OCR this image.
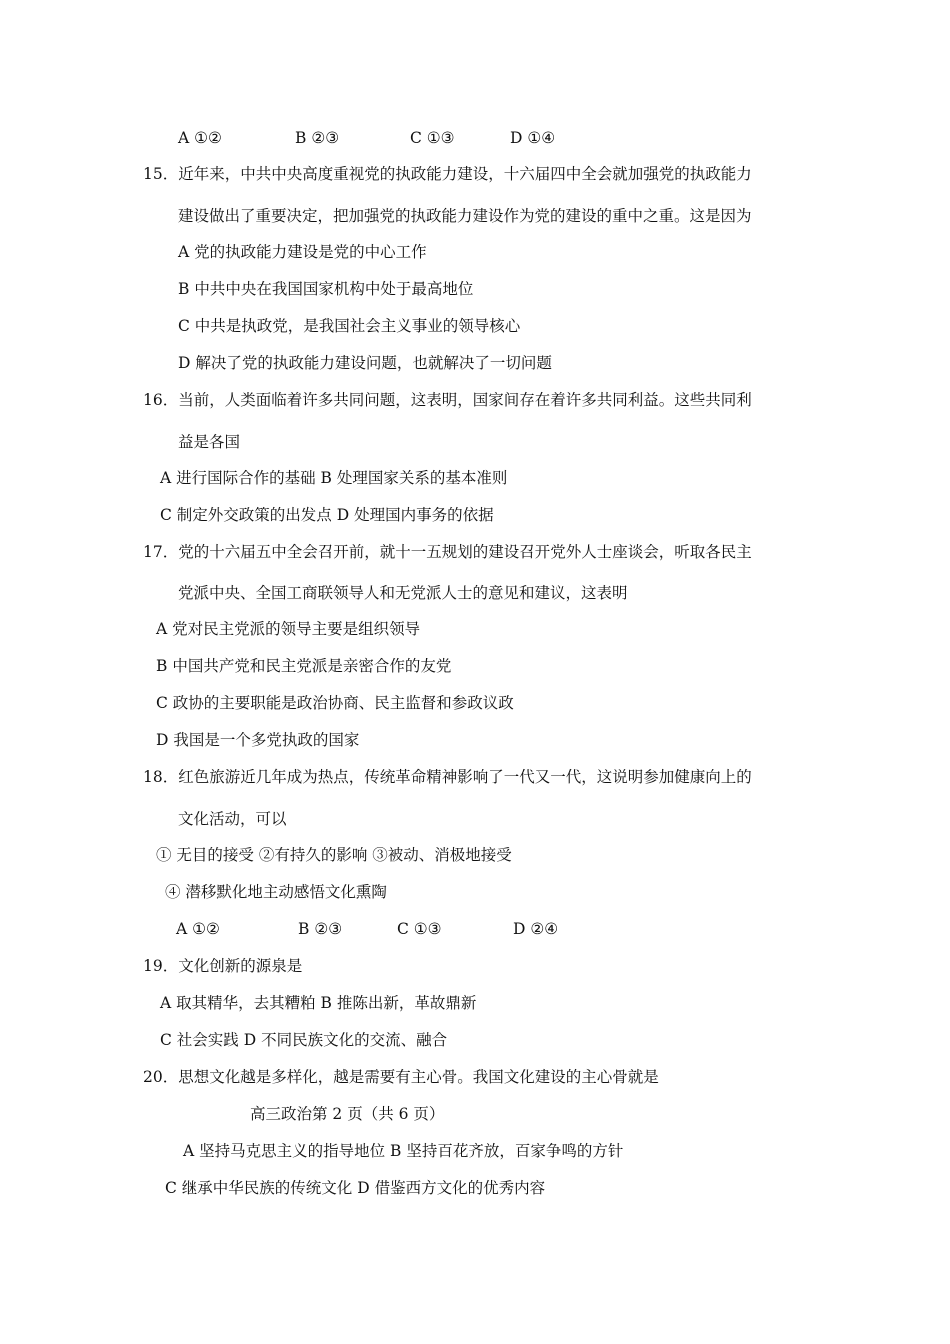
A ①②	B ②③	C ①③	D ①④
15．近年来，中共中央高度重视党的执政能力建设，十六届四中全会就加强党的执政能力
建设做出了重要决定，把加强党的执政能力建设作为党的建设的重中之重。这是因为
A 党的执政能力建设是党的中心工作
B 中共中央在我国国家机构中处于最高地位
C 中共是执政党，是我国社会主义事业的领导核心
D 解决了党的执政能力建设问题，也就解决了一切问题
16．当前，人类面临着许多共同问题，这表明，国家间存在着许多共同利益。这些共同利
益是各国
A 进行国际合作的基础 B 处理国家关系的基本准则
C 制定外交政策的出发点 D 处理国内事务的依据
17．党的十六届五中全会召开前，就十一五规划的建设召开党外人士座谈会，听取各民主
党派中央、全国工商联领导人和无党派人士的意见和建议，这表明
A 党对民主党派的领导主要是组织领导
B 中国共产党和民主党派是亲密合作的友党
C 政协的主要职能是政治协商、民主监督和参政议政
D 我国是一个多党执政的国家
18．红色旅游近几年成为热点，传统革命精神影响了一代又一代，这说明参加健康向上的
文化活动，可以
① 无目的接受 ②有持久的影响 ③被动、消极地接受
④ 潜移默化地主动感悟文化熏陶
A ①②	B ②③	C ①③	D ②④
19．文化创新的源泉是
A 取其精华，去其糟粕 B 推陈出新，革故鼎新
C 社会实践 D 不同民族文化的交流、融合
20．思想文化越是多样化，越是需要有主心骨。我国文化建设的主心骨就是
高三政治第 2 页（共 6 页）
A 坚持马克思主义的指导地位 B 坚持百花齐放，百家争鸣的方针
C 继承中华民族的传统文化 D 借鉴西方文化的优秀内容
